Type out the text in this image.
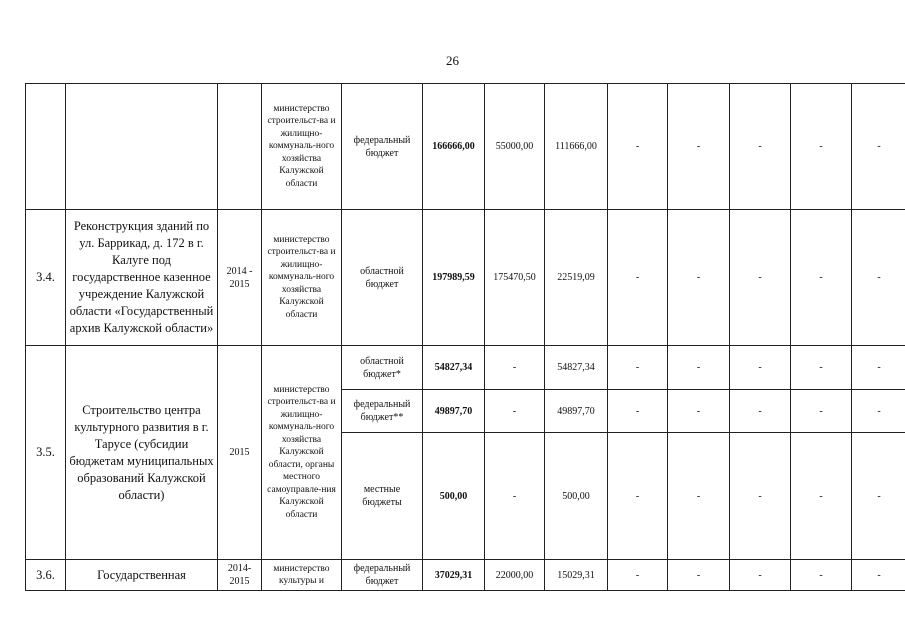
26
			министерство строительст-ва и жилищно-коммуналь-ного хозяйства Калужской области	федеральный бюджет	166666,00	55000,00	111666,00	-	-	-	-	-
3.4.	Реконструкция зданий по ул. Баррикад, д. 172 в г. Калуге под государственное казенное учреждение Калужской области «Государственный архив Калужской области»	2014 - 2015	министерство строительст-ва и жилищно-коммуналь-ного хозяйства Калужской области	областной бюджет	197989,59	175470,50	22519,09	-	-	-	-	-
3.5.	Строительство центра культурного развития в г. Тарусе (субсидии бюджетам муниципальных образований Калужской области)	2015	министерство строительст-ва и жилищно-коммуналь-ного хозяйства Калужской области, органы местного самоуправле-ния Калужской области	областной бюджет*	54827,34	-	54827,34	-	-	-	-	-
				федеральный бюджет**	49897,70	-	49897,70	-	-	-	-	-
				местные бюджеты	500,00	-	500,00	-	-	-	-	-
3.6.	Государственная	2014-2015	министерство культуры и	федеральный бюджет	37029,31	22000,00	15029,31	-	-	-	-	-
